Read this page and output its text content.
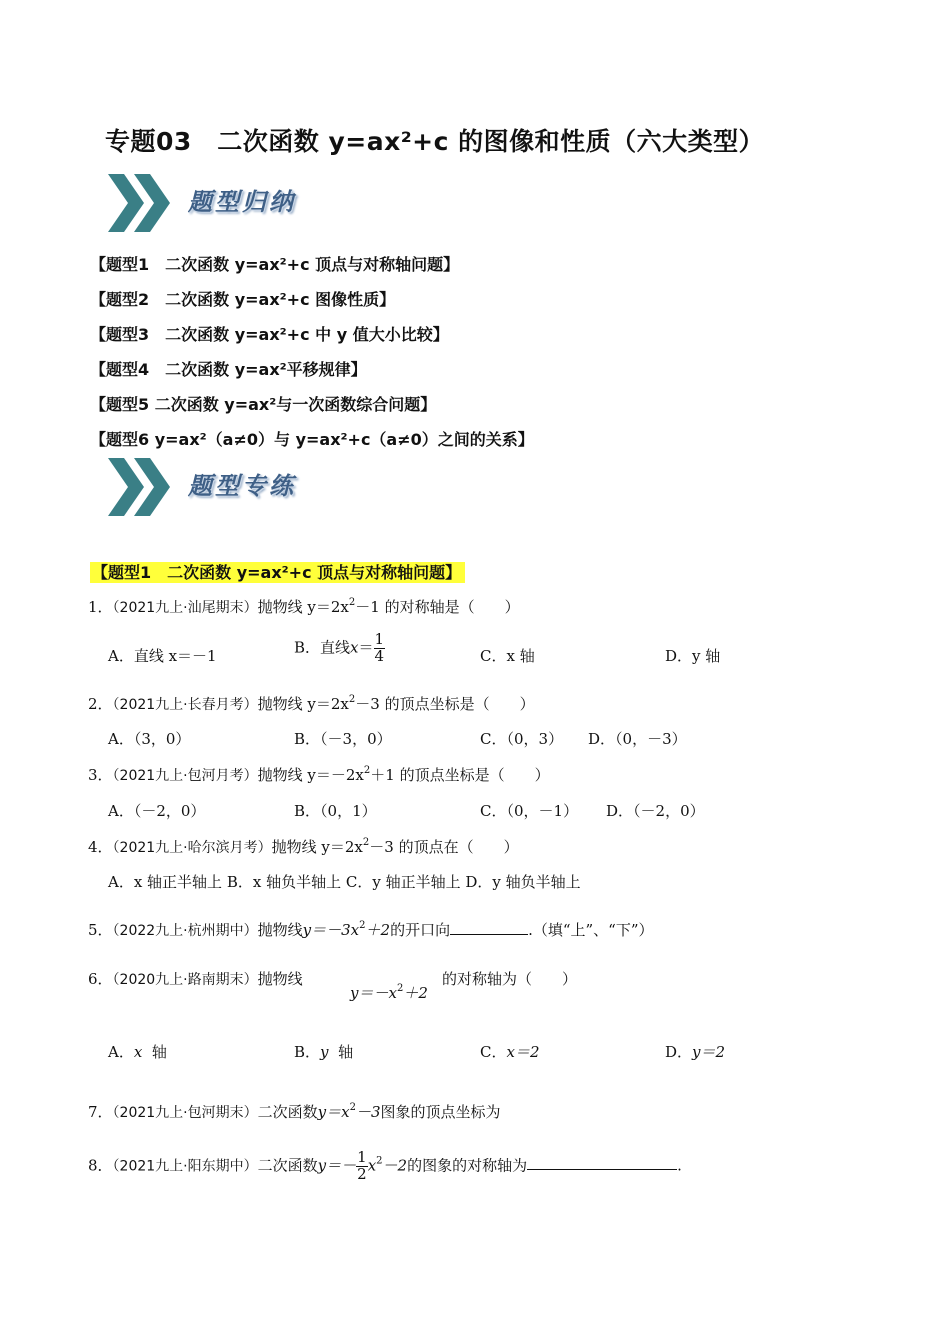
专题03　二次函数 y=ax²+c 的图像和性质（六大类型）
题型归纳
【题型1　二次函数 y=ax²+c 顶点与对称轴问题】
【题型2　二次函数 y=ax²+c 图像性质】
【题型3　二次函数 y=ax²+c 中 y 值大小比较】
【题型4　二次函数 y=ax²平移规律】
【题型5 二次函数 y=ax²与一次函数综合问题】
【题型6 y=ax²（a≠0）与 y=ax²+c（a≠0）之间的关系】
题型专练
【题型1　二次函数 y=ax²+c 顶点与对称轴问题】
1．（2021九上·汕尾期末）抛物线 $y=2x^2-1$ 的对称轴是（　　）
A．直线 x＝－1	B．直线$x= \frac{1}{4}$	C．x 轴	D．y 轴
2．（2021九上·长春月考）抛物线 $y=2x^2-3$ 的顶点坐标是（　　）
A．（3，0）	B．（－3，0）	C．（0，3） D．（0，－3）
3．（2021九上·包河月考）抛物线 $y=-2x^2+1$ 的顶点坐标是（　　）
A．（－2，0）	B．（0，1）	C．（0，－1） D．（－2，0）
4．（2021九上·哈尔滨月考）抛物线 $y=2x^2-3$ 的顶点在（　　）
A．x 轴正半轴上 B．x 轴负半轴上 C．y 轴正半轴上 D．y 轴负半轴上
5．（2022九上·杭州期中）抛物线$y=-3x^2+2$的开口向	.（填“上”、“下”）
6．（2020九上·路南期末）抛物线
$y=-x^2+2$
的对称轴为（　　）
A．x 轴	B．y 轴	C．x＝2	D．y＝2
7．（2021九上·包河期末）二次函数$y=x^2-3$图象的顶点坐标为
8．（2021九上·阳东期中）二次函数$y=- \frac{1}{2} x^2-2$的图象的对称轴为	.
